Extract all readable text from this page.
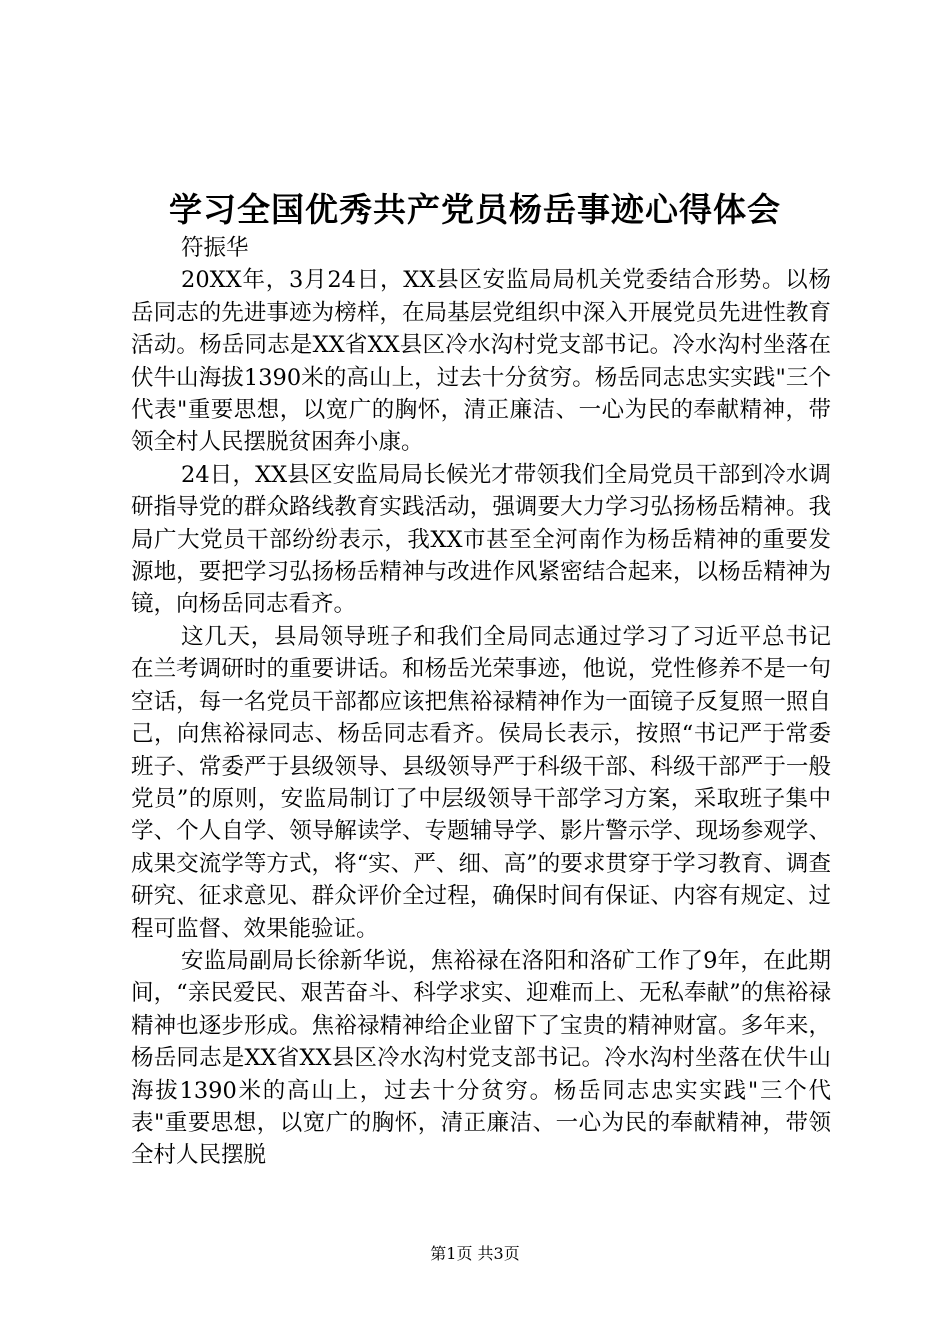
学习全国优秀共产党员杨岳事迹心得体会

符振华

20XX年，3月24日，XX县区安监局局机关党委结合形势。以杨岳同志的先进事迹为榜样，在局基层党组织中深入开展党员先进性教育活动。杨岳同志是XX省XX县区冷水沟村党支部书记。冷水沟村坐落在伏牛山海拔1390米的高山上，过去十分贫穷。杨岳同志忠实实践"三个代表"重要思想，以宽广的胸怀，清正廉洁、一心为民的奉献精神，带领全村人民摆脱贫困奔小康。

24日，XX县区安监局局长候光才带领我们全局党员干部到冷水调研指导党的群众路线教育实践活动，强调要大力学习弘扬杨岳精神。我局广大党员干部纷纷表示，我XX市甚至全河南作为杨岳精神的重要发源地，要把学习弘扬杨岳精神与改进作风紧密结合起来，以杨岳精神为镜，向杨岳同志看齐。

这几天，县局领导班子和我们全局同志通过学习了习近平总书记在兰考调研时的重要讲话。和杨岳光荣事迹，他说，党性修养不是一句空话，每一名党员干部都应该把焦裕禄精神作为一面镜子反复照一照自己，向焦裕禄同志、杨岳同志看齐。侯局长表示，按照“书记严于常委班子、常委严于县级领导、县级领导严于科级干部、科级干部严于一般党员”的原则，安监局制订了中层级领导干部学习方案，采取班子集中学、个人自学、领导解读学、专题辅导学、影片警示学、现场参观学、成果交流学等方式，将“实、严、细、高”的要求贯穿于学习教育、调查研究、征求意见、群众评价全过程，确保时间有保证、内容有规定、过程可监督、效果能验证。

安监局副局长徐新华说，焦裕禄在洛阳和洛矿工作了9年，在此期间，“亲民爱民、艰苦奋斗、科学求实、迎难而上、无私奉献”的焦裕禄精神也逐步形成。焦裕禄精神给企业留下了宝贵的精神财富。多年来，杨岳同志是XX省XX县区冷水沟村党支部书记。冷水沟村坐落在伏牛山海拔1390米的高山上，过去十分贫穷。杨岳同志忠实实践"三个代表"重要思想，以宽广的胸怀，清正廉洁、一心为民的奉献精神，带领全村人民摆脱

第1页 共3页
